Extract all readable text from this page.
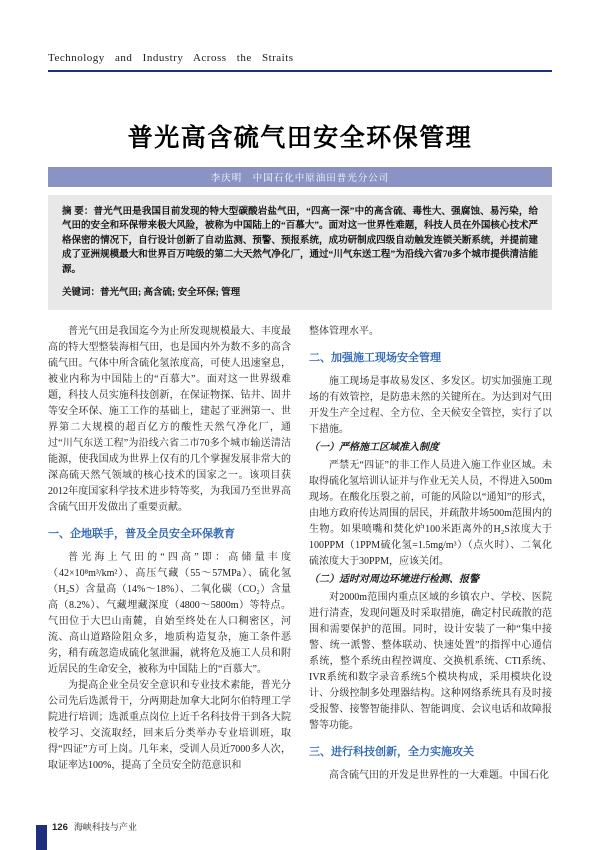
Technology and Industry Across the Straits
普光高含硫气田安全环保管理
李庆明　中国石化中原油田普光分公司
摘 要：普光气田是我国目前发现的特大型碳酸岩盐气田，“四高一深”中的高含硫、毒性大、强腐蚀、易污染，给气田的安全和环保带来极大风险，被称为中国陆上的“百慕大”。面对这一世界性难题，科技人员在外国核心技术严格保密的情况下，自行设计创新了自动监测、预警、预报系统，成功研制成四级自动触发连锁关断系统，并提前建成了亚洲规模最大和世界百万吨级的第二大天然气净化厂，通过“川气东送工程”为沿线六省70多个城市提供清洁能源。
关键词：普光气田; 高含硫; 安全环保; 管理

普光气田是我国迄今为止所发现规模最大、丰度最高的特大型整装海相气田，也是国内外为数不多的高含硫气田。气体中所含硫化氢浓度高，可使人迅速窒息，被业内称为中国陆上的“百慕大”。面对这一世界级难题，科技人员实施科技创新，在保证物探、钻井、固井等安全环保、施工工作的基础上，建起了亚洲第一、世界第二大规模的超百亿方的酸性天然气净化厂，通过“川气东送工程”为沿线六省二市70多个城市输送清洁能源，使我国成为世界上仅有的几个掌握发展非常大的深高硫天然气领域的核心技术的国家之一。该项目获2012年度国家科学技术进步特等奖，为我国乃至世界高含硫气田开发做出了重要贡献。

一、企地联手，普及全员安全环保教育

普光海上气田的“四高”即：高储量丰度（42×10⁸m³/km²）、高压气藏（55～57MPa）、硫化氢（H₂S）含量高（14%～18%）、二氧化碳（CO₂）含量高（8.2%）、气藏埋藏深度（4800～5800m）等特点。气田位于大巴山南麓，自始至终处在人口稠密区，河流、高山道路险阻众多，地质构造复杂，施工条件恶劣，稍有疏忽造成硫化氢泄漏，就将危及施工人员和附近居民的生命安全，被称为中国陆上的“百慕大”。

为提高企业全员安全意识和专业技术素能，普光分公司先后选派骨干，分两期赴加拿大北阿尔伯特理工学院进行培训；选派重点岗位上近千名科技骨干到各大院校学习、交流取经，回来后分类举办专业培训班，取得“四证”方可上岗。几年来，受训人员近7000多人次，取证率达100%，提高了全员安全防范意识和

整体管理水平。

二、加强施工现场安全管理

施工现场是事故易发区、多发区。切实加强施工现场的有效管控，是防患未然的关键所在。为达到对气田开发生产全过程、全方位、全天候安全管控，实行了以下措施。

（一）严格施工区域准入制度

严禁无“四证”的非工作人员进入施工作业区域。未取得硫化氢培训认证并与作业无关人员，不得进入500m现场。在酸化压裂之前，可能的风险以“通知”的形式，由地方政府传达周围的居民，并疏散井场500m范围内的生物。如果喷嘴和焚化炉100米距离外的H₂S浓度大于100PPM（1PPM硫化氢=1.5mg/m³）（点火时）、二氧化硫浓度大于30PPM，应该关闭。

（二）适时对周边环境进行检测、报警

对2000m范围内重点区域的乡镇农户、学校、医院进行清查，发现问题及时采取措施，确定村民疏散的范围和需要保护的范围。同时，设计安装了一种“集中接警、统一派警、整体联动、快速处置”的指挥中心通信系统，整个系统由程控调度、交换机系统、CTI系统、IVR系统和数字录音系统5个模块构成，采用模块化设计、分级控制多处理器结构。这种网络系统具有及时接受报警、接警智能排队、智能调度、会议电话和故障报警等功能。

三、进行科技创新，全力实施攻关

高含硫气田的开发是世界性的一大难题。中国石化

126 海峡科技与产业
